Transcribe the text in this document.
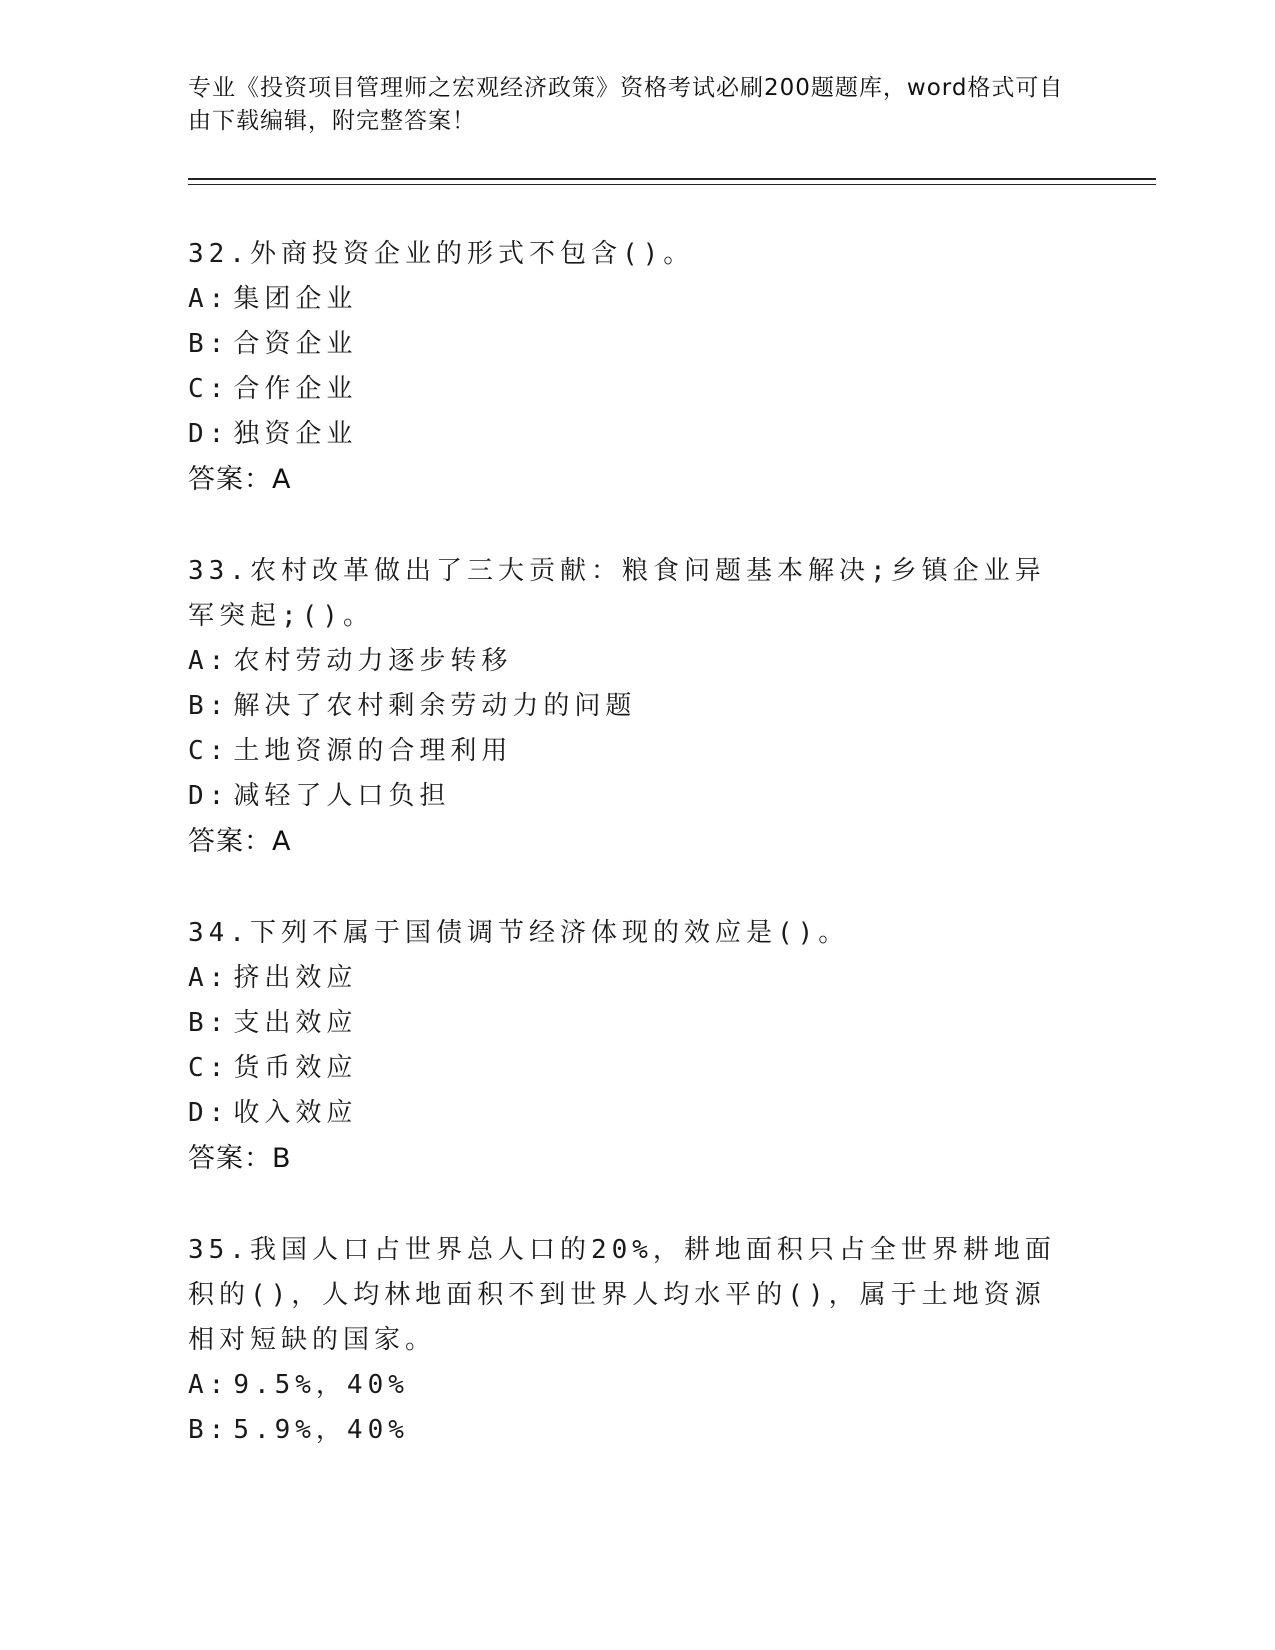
专业《投资项目管理师之宏观经济政策》资格考试必刷200题题库，word格式可自由下载编辑，附完整答案！
32.外商投资企业的形式不包含()。
A: 集团企业
B: 合资企业
C: 合作企业
D: 独资企业
答案：A
33.农村改革做出了三大贡献：粮食问题基本解决;乡镇企业异军突起;()。
A: 农村劳动力逐步转移
B: 解决了农村剩余劳动力的问题
C: 土地资源的合理利用
D: 减轻了人口负担
答案：A
34.下列不属于国债调节经济体现的效应是()。
A: 挤出效应
B: 支出效应
C: 货币效应
D: 收入效应
答案：B
35.我国人口占世界总人口的20%，耕地面积只占全世界耕地面积的()，人均林地面积不到世界人均水平的()，属于土地资源相对短缺的国家。
A: 9.5%，40%
B: 5.9%，40%
